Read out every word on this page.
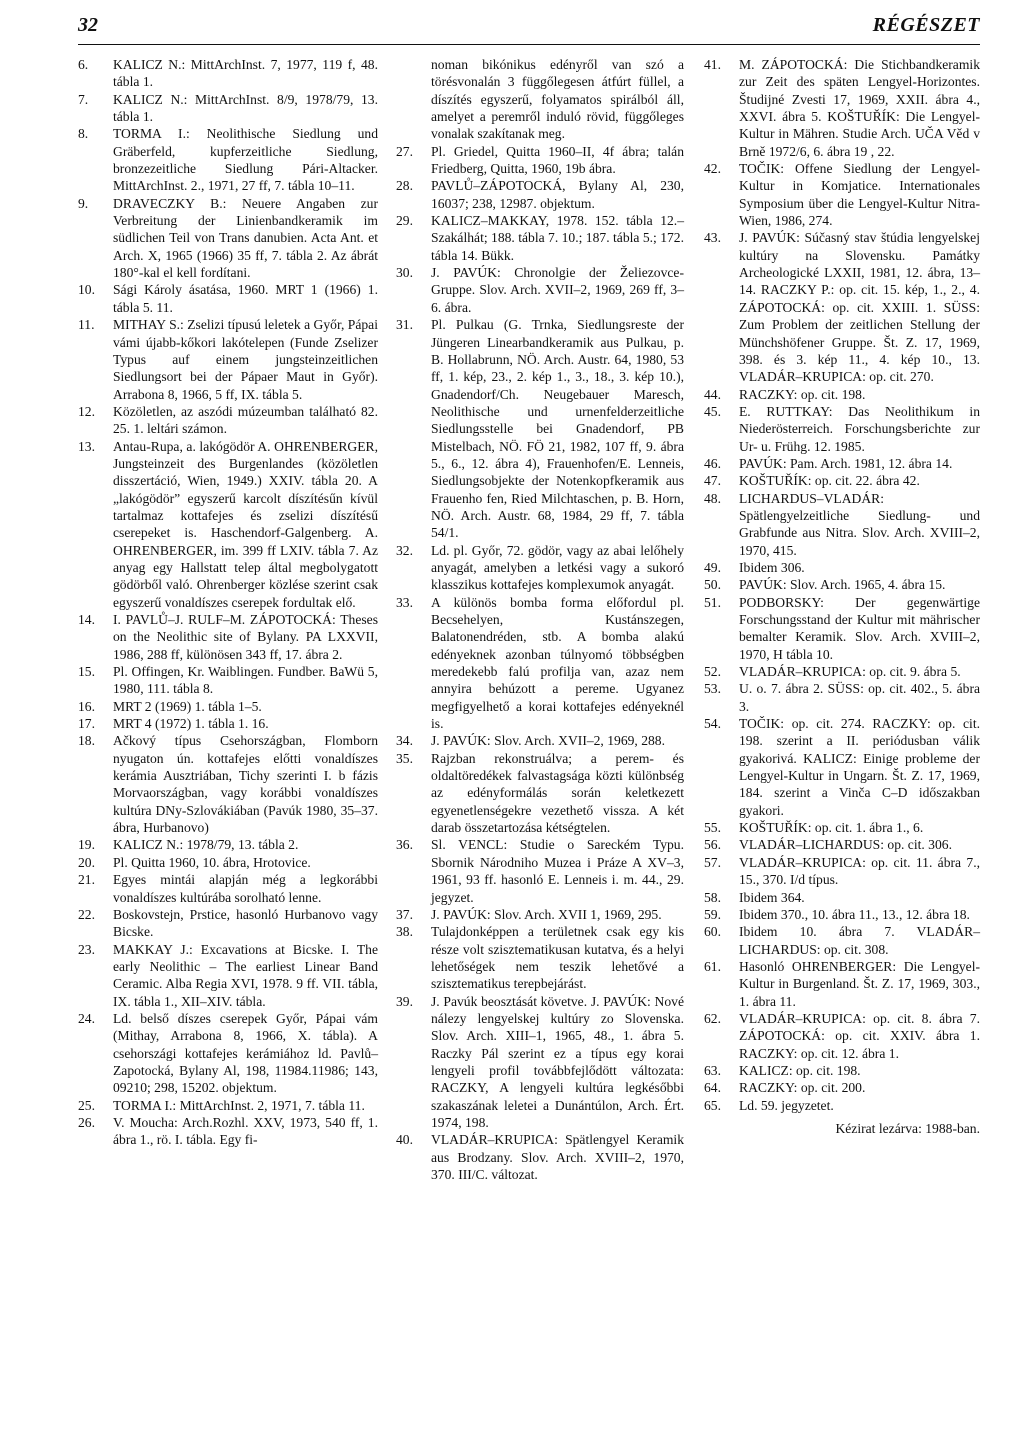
32	RÉGÉSZET
6.	KALICZ N.: MittArchInst. 7, 1977, 119 f, 48. tábla 1.
7.	KALICZ N.: MittArchInst. 8/9, 1978/79, 13. tábla 1.
8.	TORMA I.: Neolithische Siedlung und Gräberfeld, kupferzeitliche Siedlung, bronzezeitliche Siedlung Pári-Altacker. MittArchInst. 2., 1971, 27 ff, 7. tábla 10–11.
9.	DRAVECZKY B.: Neuere Angaben zur Verbreitung der Linienbandkeramik im südlichen Teil von Trans danubien. Acta Ant. et Arch. X, 1965 (1966) 35 ff, 7. tábla 2. Az ábrát 180°-kal el kell fordítani.
10.	Sági Károly ásatása, 1960. MRT 1 (1966) 1. tábla 5. 11.
11.	MITHAY S.: Zselizi típusú leletek a Győr, Pápai vámi újabb-kőkori lakótelepen (Funde Zselizer Typus auf einem jungsteinzeitlichen Siedlungsort bei der Pápaer Maut in Győr). Arrabona 8, 1966, 5 ff, IX. tábla 5.
12.	Közöletlen, az aszódi múzeumban található 82. 25. 1. leltári számon.
13.	Antau-Rupa, a. lakógödör A. OHRENBERGER, Jungsteinzeit des Burgenlandes (közöletlen disszertáció, Wien, 1949.) XXIV. tábla 20. A „lakógödör” egyszerű karcolt díszítésűn kívül tartalmaz kottafejes és zselizi díszítésű cserepeket is. Haschendorf-Galgenberg. A. OHRENBERGER, im. 399 ff LXIV. tábla 7. Az anyag egy Hallstatt telep által megbolygatott gödörből való. Ohrenberger közlése szerint csak egyszerű vonaldíszes cserepek fordultak elő.
14.	I. PAVLŮ–J. RULF–M. ZÁPOTOCKÁ: Theses on the Neolithic site of Bylany. PA LXXVII, 1986, 288 ff, különösen 343 ff, 17. ábra 2.
15.	Pl. Offingen, Kr. Waiblingen. Fundber. BaWü 5, 1980, 111. tábla 8.
16.	MRT 2 (1969) 1. tábla 1–5.
17.	MRT 4 (1972) 1. tábla 1. 16.
18.	Ačkový típus Csehországban, Flomborn nyugaton ún. kottafejes előtti vonaldíszes kerámia Ausztriában, Tichy szerinti I. b fázis Morvaországban, vagy korábbi vonaldíszes kultúra DNy-Szlovákiában (Pavúk 1980, 35–37. ábra, Hurbanovo)
19.	KALICZ N.: 1978/79, 13. tábla 2.
20.	Pl. Quitta 1960, 10. ábra, Hrotovice.
21.	Egyes mintái alapján még a legkorábbi vonaldíszes kultúrába sorolható lenne.
22.	Boskovstejn, Prstice, hasonló Hurbanovo vagy Bicske.
23.	MAKKAY J.: Excavations at Bicske. I. The early Neolithic – The earliest Linear Band Ceramic. Alba Regia XVI, 1978. 9 ff. VII. tábla, IX. tábla 1., XII–XIV. tábla.
24.	Ld. belső díszes cserepek Győr, Pápai vám (Mithay, Arrabona 8, 1966, X. tábla). A csehországi kottafejes kerámiához ld. Pavlů–Zapotocká, Bylany Al, 198, 11984.11986; 143, 09210; 298, 15202. objektum.
25.	TORMA I.: MittArchInst. 2, 1971, 7. tábla 11.
26.	V. Moucha: Arch.Rozhl. XXV, 1973, 540 ff, 1. ábra 1., rö. I. tábla. Egy fi-
noman bikónikus edényről van szó a törésvonalán 3 függőlegesen átfúrt füllel, a díszítés egyszerű, folyamatos spirálból áll, amelyet a peremről induló rövid, függőleges vonalak szakítanak meg.
27.	Pl. Griedel, Quitta 1960–II, 4f ábra; talán Friedberg, Quitta, 1960, 19b ábra.
28.	PAVLŮ–ZÁPOTOCKÁ, Bylany Al, 230, 16037; 238, 12987. objektum.
29.	KALICZ–MAKKAY, 1978. 152. tábla 12.–Szakálhát; 188. tábla 7. 10.; 187. tábla 5.; 172. tábla 14. Bükk.
30.	J. PAVÚK: Chronolgie der Želiezovce-Gruppe. Slov. Arch. XVII–2, 1969, 269 ff, 3–6. ábra.
31.	Pl. Pulkau (G. Trnka, Siedlungsreste der Jüngeren Linearbandkeramik aus Pulkau, p. B. Hollabrunn, NÖ. Arch. Austr. 64, 1980, 53 ff, 1. kép, 23., 2. kép 1., 3., 18., 3. kép 10.), Gnadendorf/Ch. Neugebauer Maresch, Neolithische und urnenfelderzeitliche Siedlungsstelle bei Gnadendorf, PB Mistelbach, NÖ. FÖ 21, 1982, 107 ff, 9. ábra 5., 6., 12. ábra 4), Frauenhofen/E. Lenneis, Siedlungsobjekte der Notenkopfkeramik aus Frauenho fen, Ried Milchtaschen, p. B. Horn, NÖ. Arch. Austr. 68, 1984, 29 ff, 7. tábla 54/1.
32.	Ld. pl. Győr, 72. gödör, vagy az abai lelőhely anyagát, amelyben a letkési vagy a sukoró klasszikus kottafejes komplexumok anyagát.
33.	A különös bomba forma előfordul pl. Becsehelyen, Kustánszegen, Balatonendréden, stb. A bomba alakú edényeknek azonban túlnyomó többségben meredekebb falú profilja van, azaz nem annyira behúzott a pereme. Ugyanez megfigyelhető a korai kottafejes edényeknél is.
34.	J. PAVÚK: Slov. Arch. XVII–2, 1969, 288.
35.	Rajzban rekonstruálva; a perem- és oldaltöredékek falvastagsága közti különbség az edényformálás során keletkezett egyenetlenségekre vezethető vissza. A két darab összetartozása kétségtelen.
36.	Sl. VENCL: Studie o Sareckém Typu. Sbornik Národniho Muzea i Práze A XV–3, 1961, 93 ff. hasonló E. Lenneis i. m. 44., 29. jegyzet.
37.	J. PAVÚK: Slov. Arch. XVII 1, 1969, 295.
38.	Tulajdonképpen a területnek csak egy kis része volt szisztematikusan kutatva, és a helyi lehetőségek nem teszik lehetővé a szisztematikus terepbejárást.
39.	J. Pavúk beosztását követve. J. PAVÚK: Nové nálezy lengyelskej kultúry zo Slovenska. Slov. Arch. XIII–1, 1965, 48., 1. ábra 5. Raczky Pál szerint ez a típus egy korai lengyeli profil továbbfejlődött változata: RACZKY, A lengyeli kultúra legkésőbbi szakaszának leletei a Dunántúlon, Arch. Ért. 1974, 198.
40.	VLADÁR–KRUPICA: Spätlengyel Keramik aus Brodzany. Slov. Arch. XVIII–2, 1970, 370. III/C. változat.
41.	M. ZÁPOTOCKÁ: Die Stichbandkeramik zur Zeit des späten Lengyel-Horizontes. Študijné Zvesti 17, 1969, XXII. ábra 4., XXVI. ábra 5. KOŠTUŘÍK: Die Lengyel-Kultur in Mähren. Studie Arch. UČA Věd v Brně 1972/6, 6. ábra 19 , 22.
42.	TOČIK: Offene Siedlung der Lengyel-Kultur in Komjatice. Internationales Symposium über die Lengyel-Kultur Nitra-Wien, 1986, 274.
43.	J. PAVÚK: Súčasný stav štúdia lengyelskej kultúry na Slovensku. Památky Archeologické LXXII, 1981, 12. ábra, 13–14. RACZKY P.: op. cit. 15. kép, 1., 2., 4. ZÁPOTOCKÁ: op. cit. XXIII. 1. SÜSS: Zum Problem der zeitlichen Stellung der Münchshöfener Gruppe. Št. Z. 17, 1969, 398. és 3. kép 11., 4. kép 10., 13. VLADÁR–KRUPICA: op. cit. 270.
44.	RACZKY: op. cit. 198.
45.	E. RUTTKAY: Das Neolithikum in Niederösterreich. Forschungsberichte zur Ur- u. Frühg. 12. 1985.
46.	PAVÚK: Pam. Arch. 1981, 12. ábra 14.
47.	KOŠTUŘÍK: op. cit. 22. ábra 42.
48.	LICHARDUS–VLADÁR: Spätlengyelzeitliche Siedlung- und Grabfunde aus Nitra. Slov. Arch. XVIII–2, 1970, 415.
49.	Ibidem 306.
50.	PAVÚK: Slov. Arch. 1965, 4. ábra 15.
51.	PODBORSKY: Der gegenwärtige Forschungsstand der Kultur mit mährischer bemalter Keramik. Slov. Arch. XVIII–2, 1970, H tábla 10.
52.	VLADÁR–KRUPICA: op. cit. 9. ábra 5.
53.	U. o. 7. ábra 2. SÜSS: op. cit. 402., 5. ábra 3.
54.	TOČIK: op. cit. 274. RACZKY: op. cit. 198. szerint a II. periódusban válik gyakorivá. KALICZ: Einige probleme der Lengyel-Kultur in Ungarn. Št. Z. 17, 1969, 184. szerint a Vinča C–D időszakban gyakori.
55.	KOŠTUŘÍK: op. cit. 1. ábra 1., 6.
56.	VLADÁR–LICHARDUS: op. cit. 306.
57.	VLADÁR–KRUPICA: op. cit. 11. ábra 7., 15., 370. I/d típus.
58.	Ibidem 364.
59.	Ibidem 370., 10. ábra 11., 13., 12. ábra 18.
60.	Ibidem 10. ábra 7. VLADÁR–LICHARDUS: op. cit. 308.
61.	Hasonló OHRENBERGER: Die Lengyel-Kultur in Burgenland. Št. Z. 17, 1969, 303., 1. ábra 11.
62.	VLADÁR–KRUPICA: op. cit. 8. ábra 7. ZÁPOTOCKÁ: op. cit. XXIV. ábra 1. RACZKY: op. cit. 12. ábra 1.
63.	KALICZ: op. cit. 198.
64.	RACZKY: op. cit. 200.
65.	Ld. 59. jegyzetet.
Kézirat lezárva: 1988-ban.
